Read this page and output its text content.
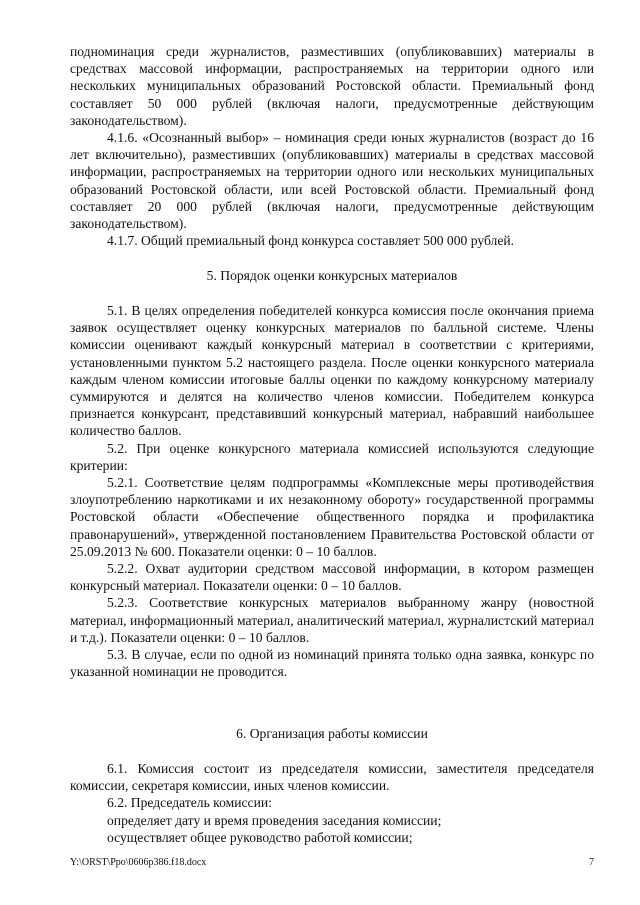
подноминация среди журналистов, разместивших (опубликовавших) материалы в средствах массовой информации, распространяемых на территории одного или нескольких муниципальных образований Ростовской области. Премиальный фонд составляет 50 000 рублей (включая налоги, предусмотренные действующим законодательством).

4.1.6. «Осознанный выбор» – номинация среди юных журналистов (возраст до 16 лет включительно), разместивших (опубликовавших) материалы в средствах массовой информации, распространяемых на территории одного или нескольких муниципальных образований Ростовской области, или всей Ростовской области. Премиальный фонд составляет 20 000 рублей (включая налоги, предусмотренные действующим законодательством).

4.1.7. Общий премиальный фонд конкурса составляет 500 000 рублей.

5. Порядок оценки конкурсных материалов

5.1. В целях определения победителей конкурса комиссия после окончания приема заявок осуществляет оценку конкурсных материалов по балльной системе. Члены комиссии оценивают каждый конкурсный материал в соответствии с критериями, установленными пунктом 5.2 настоящего раздела. После оценки конкурсного материала каждым членом комиссии итоговые баллы оценки по каждому конкурсному материалу суммируются и делятся на количество членов комиссии. Победителем конкурса признается конкурсант, представивший конкурсный материал, набравший наибольшее количество баллов.

5.2. При оценке конкурсного материала комиссией используются следующие критерии:

5.2.1. Соответствие целям подпрограммы «Комплексные меры противодействия злоупотреблению наркотиками и их незаконному обороту» государственной программы Ростовской области «Обеспечение общественного порядка и профилактика правонарушений», утвержденной постановлением Правительства Ростовской области от 25.09.2013 № 600. Показатели оценки: 0 – 10 баллов.

5.2.2. Охват аудитории средством массовой информации, в котором размещен конкурсный материал. Показатели оценки: 0 – 10 баллов.

5.2.3. Соответствие конкурсных материалов выбранному жанру (новостной материал, информационный материал, аналитический материал, журналистский материал и т.д.). Показатели оценки: 0 – 10 баллов.

5.3. В случае, если по одной из номинаций принята только одна заявка, конкурс по указанной номинации не проводится.

6. Организация работы комиссии

6.1. Комиссия состоит из председателя комиссии, заместителя председателя комиссии, секретаря комиссии, иных членов комиссии.

6.2. Председатель комиссии:

определяет дату и время проведения заседания комиссии;

осуществляет общее руководство работой комиссии;

Y:\ORST\Ppo\0606p386.f18.docx	7
